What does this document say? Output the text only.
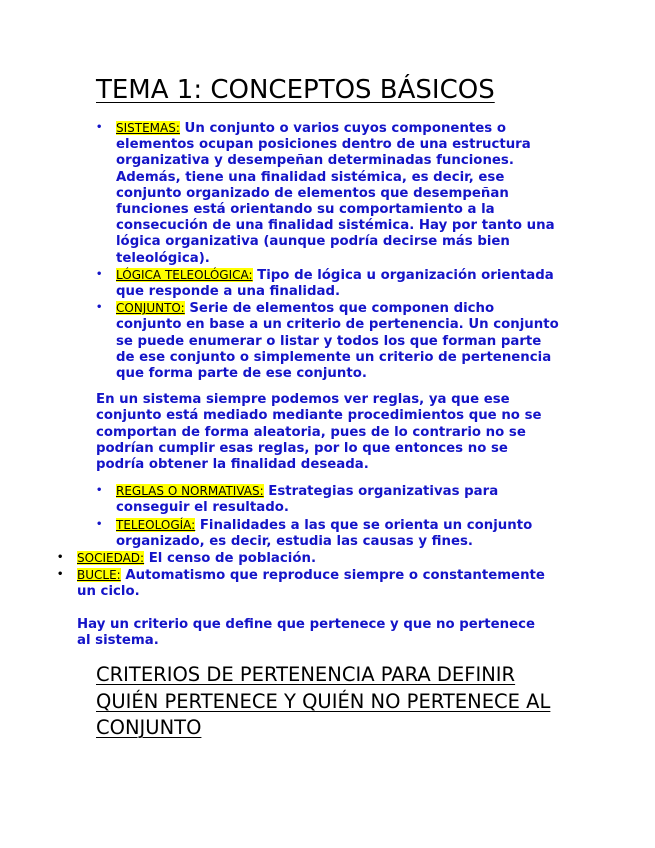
TEMA 1: CONCEPTOS BÁSICOS
• SISTEMAS: Un conjunto o varios cuyos componentes o elementos ocupan posiciones dentro de una estructura organizativa y desempeñan determinadas funciones. Además, tiene una finalidad sistémica, es decir, ese conjunto organizado de elementos que desempeñan funciones está orientando su comportamiento a la consecución de una finalidad sistémica. Hay por tanto una lógica organizativa (aunque podría decirse más bien teleológica).
• LÓGICA TELEOLÓGICA: Tipo de lógica u organización orientada que responde a una finalidad.
• CONJUNTO: Serie de elementos que componen dicho conjunto en base a un criterio de pertenencia. Un conjunto se puede enumerar o listar y todos los que forman parte de ese conjunto o simplemente un criterio de pertenencia que forma parte de ese conjunto.

En un sistema siempre podemos ver reglas, ya que ese conjunto está mediado mediante procedimientos que no se comportan de forma aleatoria, pues de lo contrario no se podrían cumplir esas reglas, por lo que entonces no se podría obtener la finalidad deseada.

• REGLAS O NORMATIVAS: Estrategias organizativas para conseguir el resultado.
• TELEOLOGÍA: Finalidades a las que se orienta un conjunto organizado, es decir, estudia las causas y fines.
• SOCIEDAD: El censo de población.
• BUCLE: Automatismo que reproduce siempre o constantemente un ciclo.

Hay un criterio que define que pertenece y que no pertenece al sistema.

CRITERIOS DE PERTENENCIA PARA DEFINIR QUIÉN PERTENECE Y QUIÉN NO PERTENECE AL CONJUNTO
